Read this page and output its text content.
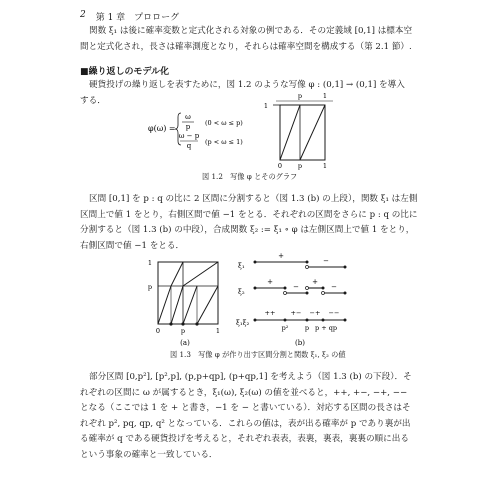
2 第 1 章　プロローグ
関数 ξ₁ は後に確率変数と定式化される対象の例である．その定義域 [0,1] は標本空
間と定式化され，長さは確率測度となり，それらは確率空間を構成する（第 2.1 節）.
■繰り返しのモデル化
硬貨投げの繰り返しを表すために，図 1.2 のような写像 φ : (0,1] → (0,1] を導入
する．
φ(ω) =
ω
p (0 < ω ≤ p)
ω − p
q (p < ω ≤ 1)
1
p	1
0 p	1
図 1.2　写像 φ とそのグラフ
区間 [0,1] を p : q の比に 2 区間に分割すると（図 1.3 (b) の上段），関数 ξ₁ は左側
区間上で値 1 をとり，右側区間で値 −1 をとる．それぞれの区間をさらに p : q の比に
分割すると（図 1.3 (b) の中段），合成関数 ξ₂ := ξ₁ ∘ φ は左側区間上で値 1 をとり，
右側区間で値 −1 をとる．
1
p
0	p	1
(a)
ξ₁
+
−
ξ₂
+
−
+
−
ξ₁ξ₂
++ +− −+ −−
p²	p p + qp
(b)
図 1.3　写像 φ が作り出す区間分割と関数 ξ₁, ξ₂ の値
部分区間 [0,p²], [p²,p], (p,p+qp], (p+qp,1] を考えよう（図 1.3 (b) の下段）．そ
れぞれの区間に ω が属するとき，ξ₁(ω), ξ₂(ω) の値を並べると，++, +−, −+, −−
となる（ここでは 1 を + と書き，−1 を − と書いている）．対応する区間の長さはそ
れぞれ p², pq, qp, q² となっている．これらの値は，表が出る確率が p であり裏が出
る確率が q である硬貨投げを考えると，それぞれ表表，表裏，裏表，裏裏の順に出る
という事象の確率と一致している．
